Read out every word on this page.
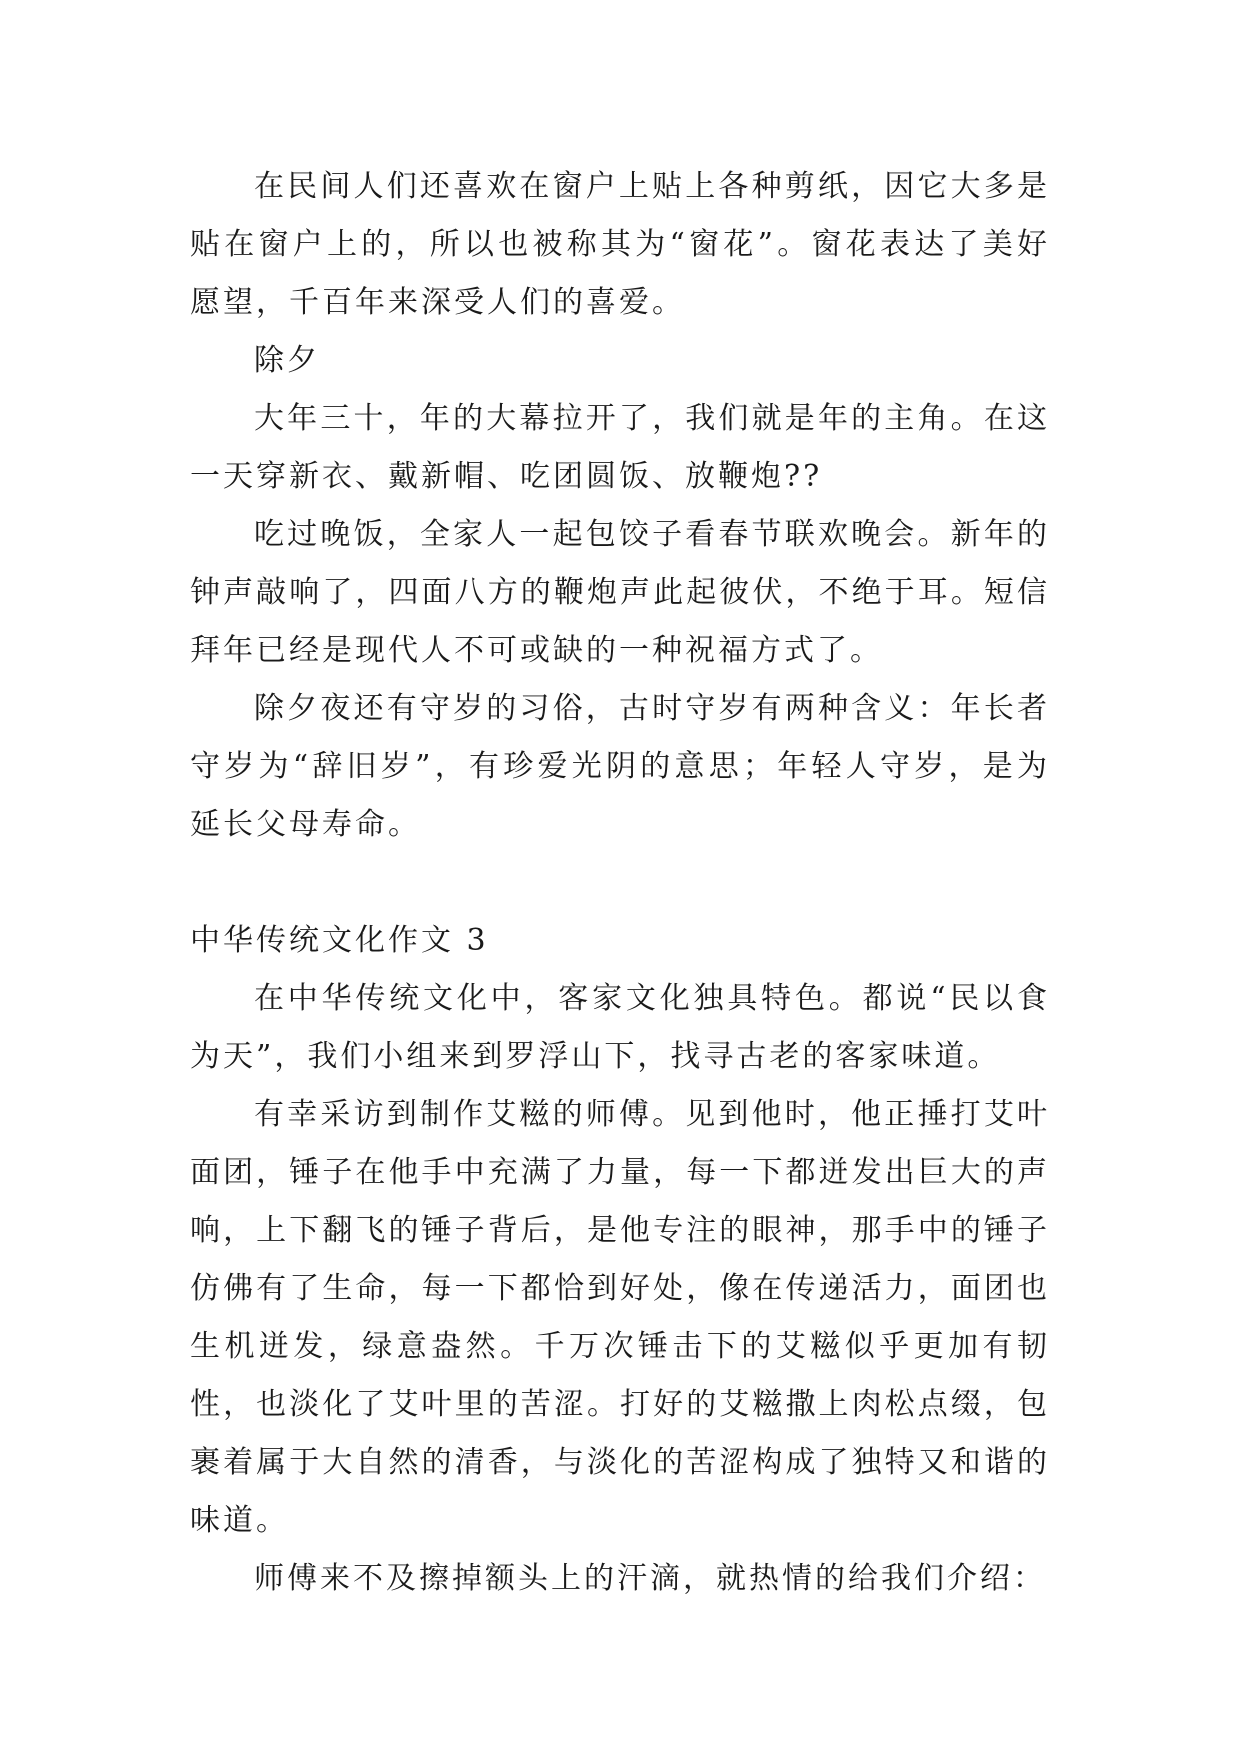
在民间人们还喜欢在窗户上贴上各种剪纸，因它大多是贴在窗户上的，所以也被称其为“窗花”。窗花表达了美好愿望，千百年来深受人们的喜爱。

除夕

大年三十，年的大幕拉开了，我们就是年的主角。在这一天穿新衣、戴新帽、吃团圆饭、放鞭炮??

吃过晚饭，全家人一起包饺子看春节联欢晚会。新年的钟声敲响了，四面八方的鞭炮声此起彼伏，不绝于耳。短信拜年已经是现代人不可或缺的一种祝福方式了。

除夕夜还有守岁的习俗，古时守岁有两种含义：年长者守岁为“辞旧岁”，有珍爱光阴的意思；年轻人守岁，是为延长父母寿命。

中华传统文化作文 3

在中华传统文化中，客家文化独具特色。都说“民以食为天”，我们小组来到罗浮山下，找寻古老的客家味道。

有幸采访到制作艾糍的师傅。见到他时，他正捶打艾叶面团，锤子在他手中充满了力量，每一下都迸发出巨大的声响，上下翻飞的锤子背后，是他专注的眼神，那手中的锤子仿佛有了生命，每一下都恰到好处，像在传递活力，面团也生机迸发，绿意盎然。千万次锤击下的艾糍似乎更加有韧性，也淡化了艾叶里的苦涩。打好的艾糍撒上肉松点缀，包裹着属于大自然的清香，与淡化的苦涩构成了独特又和谐的味道。

师傅来不及擦掉额头上的汗滴，就热情的给我们介绍：
